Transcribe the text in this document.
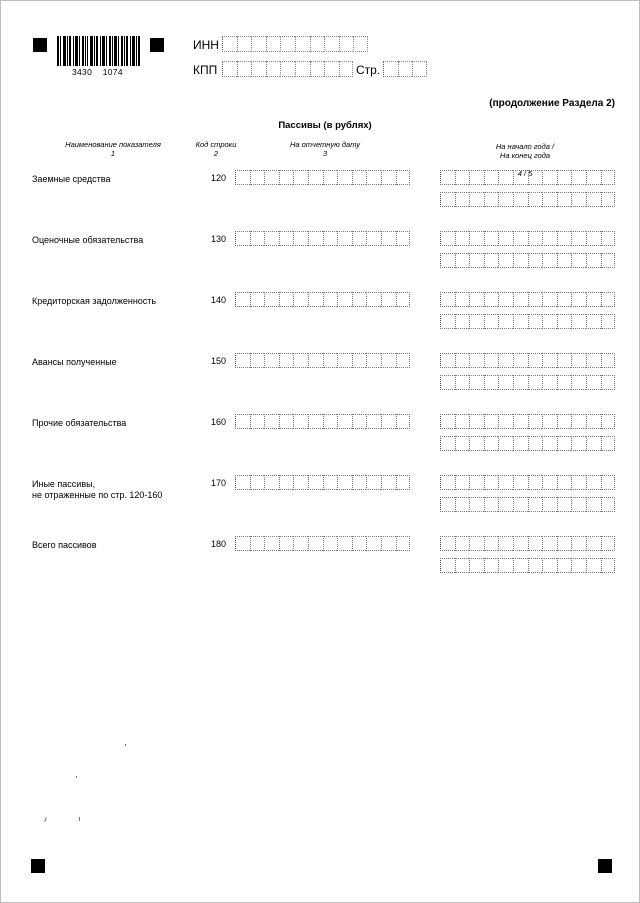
3430    1074
ИНН
КПП	Стр.
(продолжение Раздела 2)
Пассивы (в рублях)
Наименование показателя
1
Код строки
2
На отчетную дату
3

На начало года /
На конец года

4 / 5

Заемные средства	120
Оценочные обязательства	130
Кредиторская задолженность	140
Авансы полученные	150
Прочие обязательства	160
Иные пассивы,
не отраженные по стр. 120-160
170
Всего пассивов	180
